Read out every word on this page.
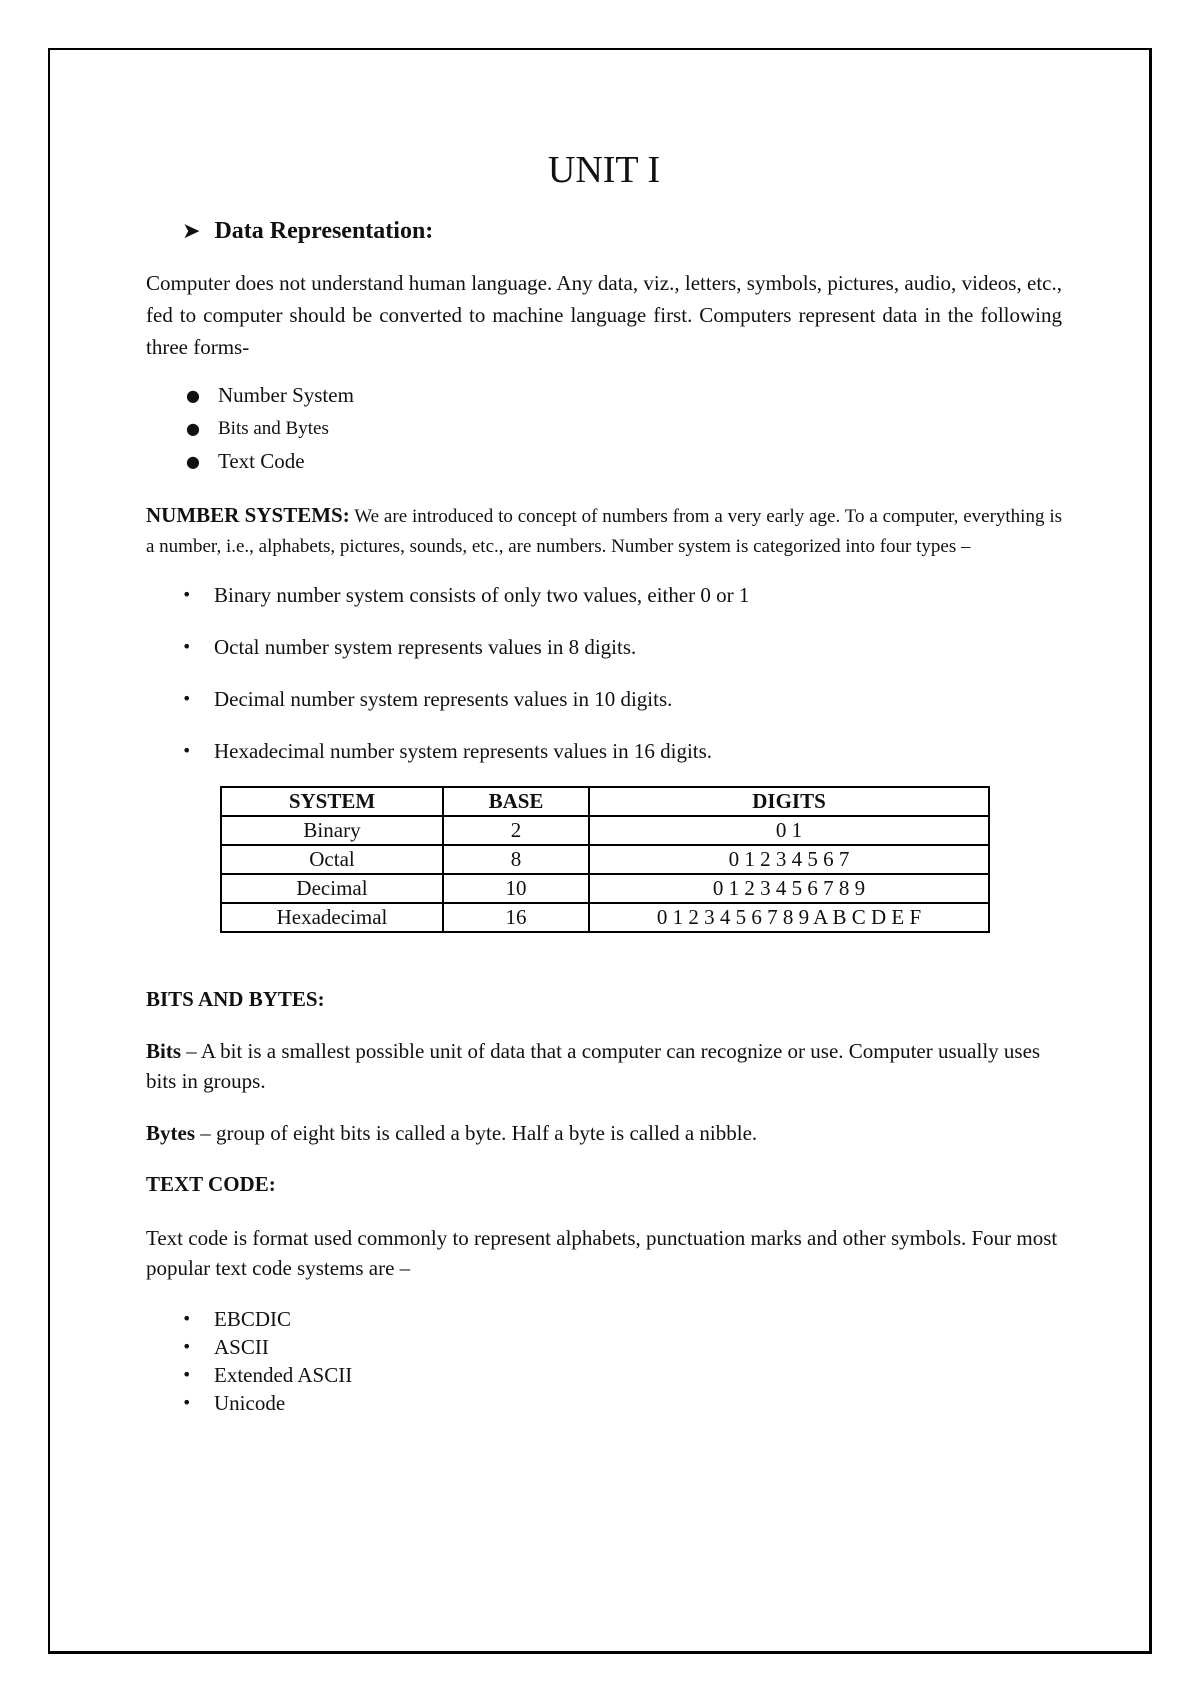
UNIT I
➤ Data Representation:

Computer does not understand human language. Any data, viz., letters, symbols, pictures, audio, videos, etc., fed to computer should be converted to machine language first. Computers represent data in the following three forms-

● Number System
● Bits and Bytes
● Text Code

NUMBER SYSTEMS: We are introduced to concept of numbers from a very early age. To a computer, everything is a number, i.e., alphabets, pictures, sounds, etc., are numbers. Number system is categorized into four types –

•	Binary number system consists of only two values, either 0 or 1
•	Octal number system represents values in 8 digits.
•	Decimal number system represents values in 10 digits.
•	Hexadecimal number system represents values in 16 digits.
SYSTEM	BASE	DIGITS
Binary	2	0 1
Octal	8	0 1 2 3 4 5 6 7
Decimal	10	0 1 2 3 4 5 6 7 8 9
Hexadecimal	16	0 1 2 3 4 5 6 7 8 9 A B C D E F

BITS AND BYTES:

Bits – A bit is a smallest possible unit of data that a computer can recognize or use. Computer usually uses bits in groups.

Bytes – group of eight bits is called a byte. Half a byte is called a nibble.

TEXT CODE:

Text code is format used commonly to represent alphabets, punctuation marks and other symbols. Four most popular text code systems are –

•	EBCDIC
•	ASCII
•	Extended ASCII
•	Unicode
